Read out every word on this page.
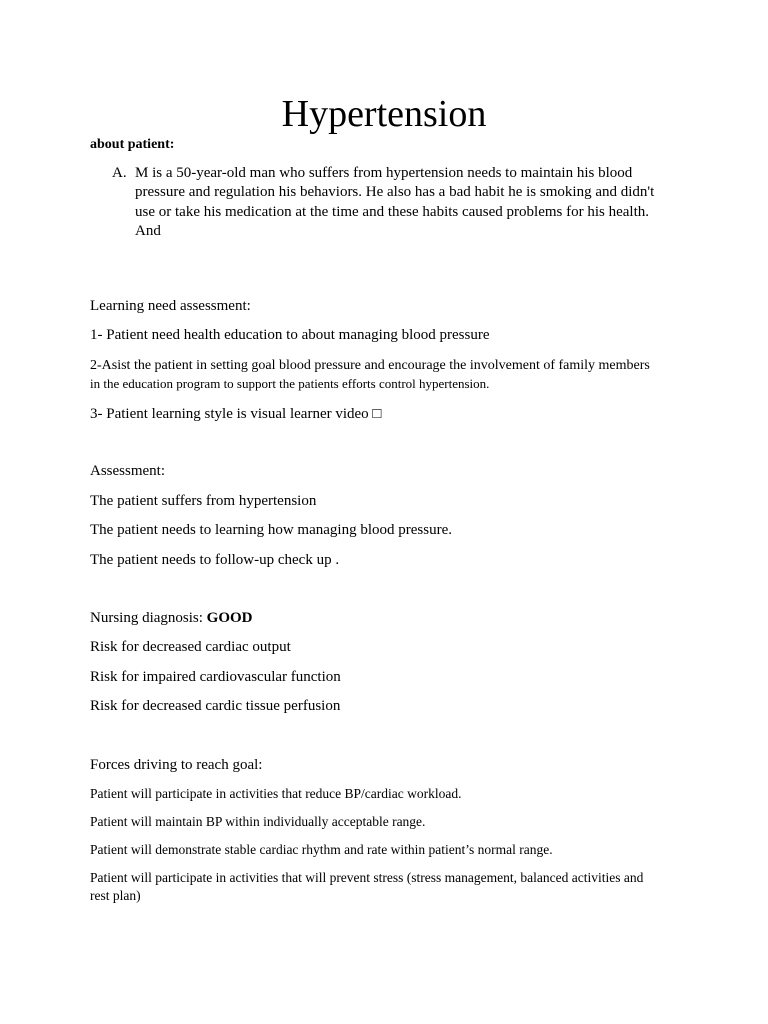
Hypertension
about patient:
A. M is a 50-year-old man who suffers from hypertension needs to maintain his blood
pressure and regulation his behaviors. He also has a bad habit he is smoking and didn't
use or take his medication at the time and these habits caused problems for his health.
And
Learning need assessment:
1- Patient need health education to about managing blood pressure
2-Asist the patient in setting goal blood pressure and encourage the involvement of family members
in the education program to support the patients efforts control hypertension.
3- Patient learning style is visual learner video □
Assessment:
The patient suffers from hypertension
The patient needs to learning how managing blood pressure.
The patient needs to follow-up check up .
Nursing diagnosis: GOOD
Risk for decreased cardiac output
Risk for impaired cardiovascular function
Risk for decreased cardic tissue perfusion
Forces driving to reach goal:
Patient will participate in activities that reduce BP/cardiac workload.
Patient will maintain BP within individually acceptable range.
Patient will demonstrate stable cardiac rhythm and rate within patient’s normal range.
Patient will participate in activities that will prevent stress (stress management, balanced activities and
rest plan)
